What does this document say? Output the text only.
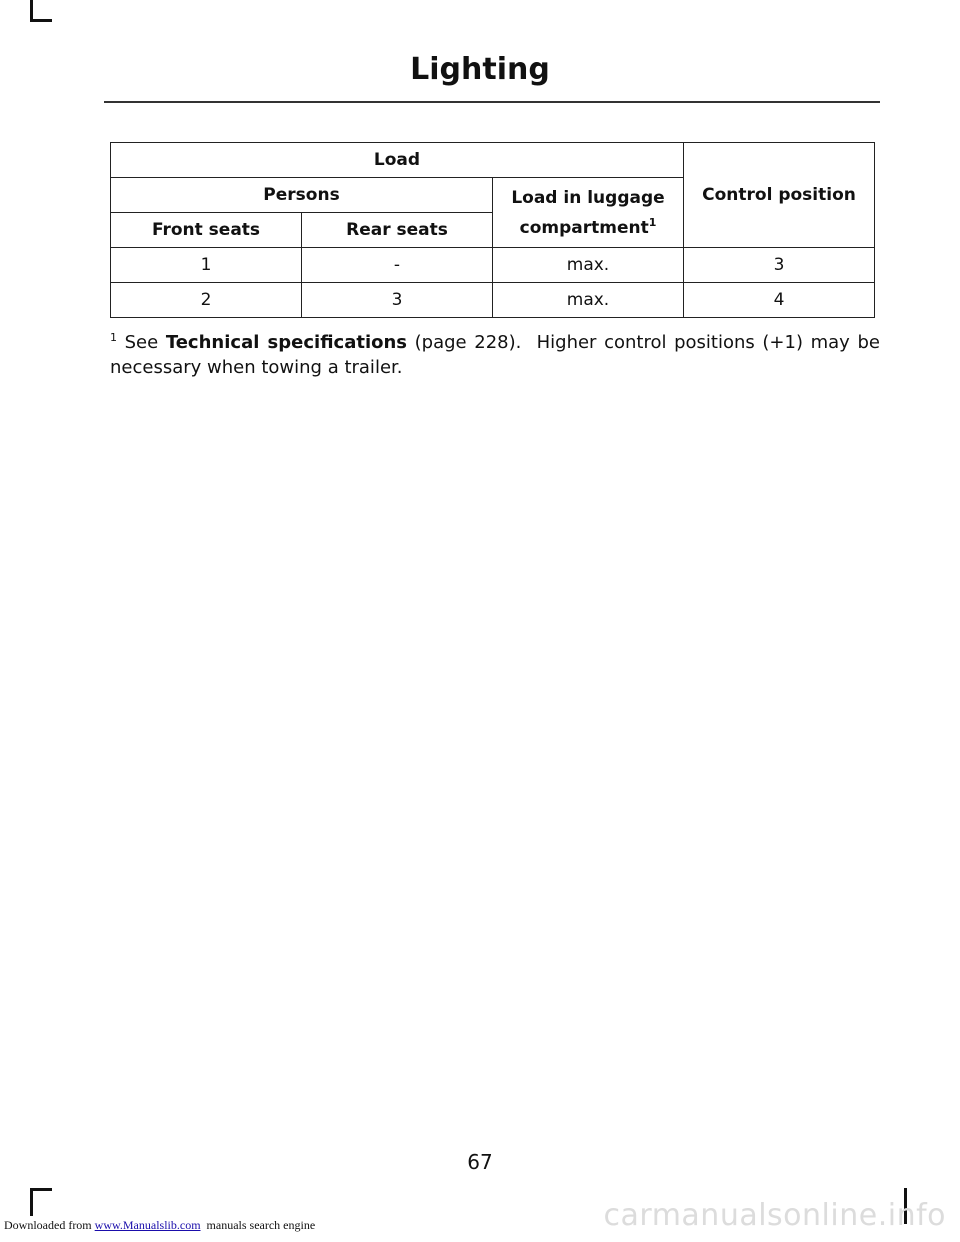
Lighting
Load			Control position
Persons		Load in luggage compartment$^1$
Front seats	Rear seats		
1	-	max.	3
2	3	max.	4
$^1$ See Technical specifications (page 228). Higher control positions (+1) may be necessary when towing a trailer.
67
Downloaded from www.Manualslib.com manuals search engine	carmanualsonline.info
